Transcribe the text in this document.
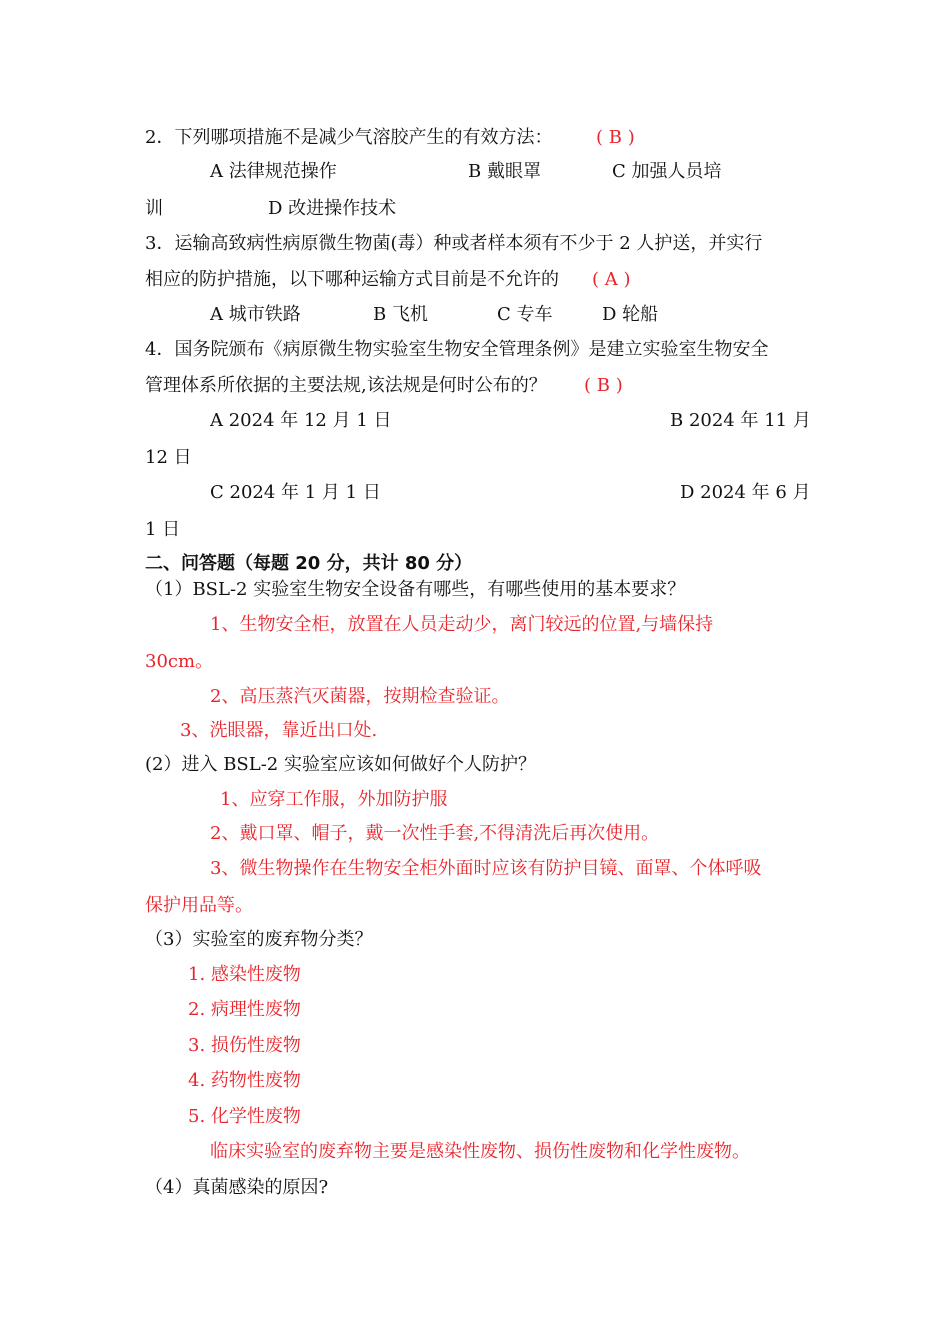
2．下列哪项措施不是减少气溶胶产生的有效方法： ( B )
A 法律规范操作	B 戴眼罩	C 加强人员培
训	D 改进操作技术
3．运输高致病性病原微生物菌(毒）种或者样本须有不少于 2 人护送，并实行
相应的防护措施，以下哪种运输方式目前是不允许的 ( A )
A 城市铁路	B 飞机	C 专车	D 轮船
4．国务院颁布《病原微生物实验室生物安全管理条例》是建立实验室生物安全
管理体系所依据的主要法规,该法规是何时公布的？ ( B )
A 2024 年 12 月 1 日	B 2024 年 11 月
12 日
C 2024 年 1 月 1 日	D 2024 年 6 月
1 日
二、问答题（每题 20 分，共计 80 分）
（1）BSL-2 实验室生物安全设备有哪些，有哪些使用的基本要求？
1、生物安全柜，放置在人员走动少，离门较远的位置,与墙保持
30cm。
2、高压蒸汽灭菌器，按期检查验证。
3、洗眼器，靠近出口处.
(2）进入 BSL-2 实验室应该如何做好个人防护？
1、应穿工作服，外加防护服
2、戴口罩、帽子，戴一次性手套,不得清洗后再次使用。
3、微生物操作在生物安全柜外面时应该有防护目镜、面罩、个体呼吸
保护用品等。
（3）实验室的废弃物分类？
1. 感染性废物
2. 病理性废物
3. 损伤性废物
4. 药物性废物
5. 化学性废物
临床实验室的废弃物主要是感染性废物、损伤性废物和化学性废物。
（4）真菌感染的原因?
